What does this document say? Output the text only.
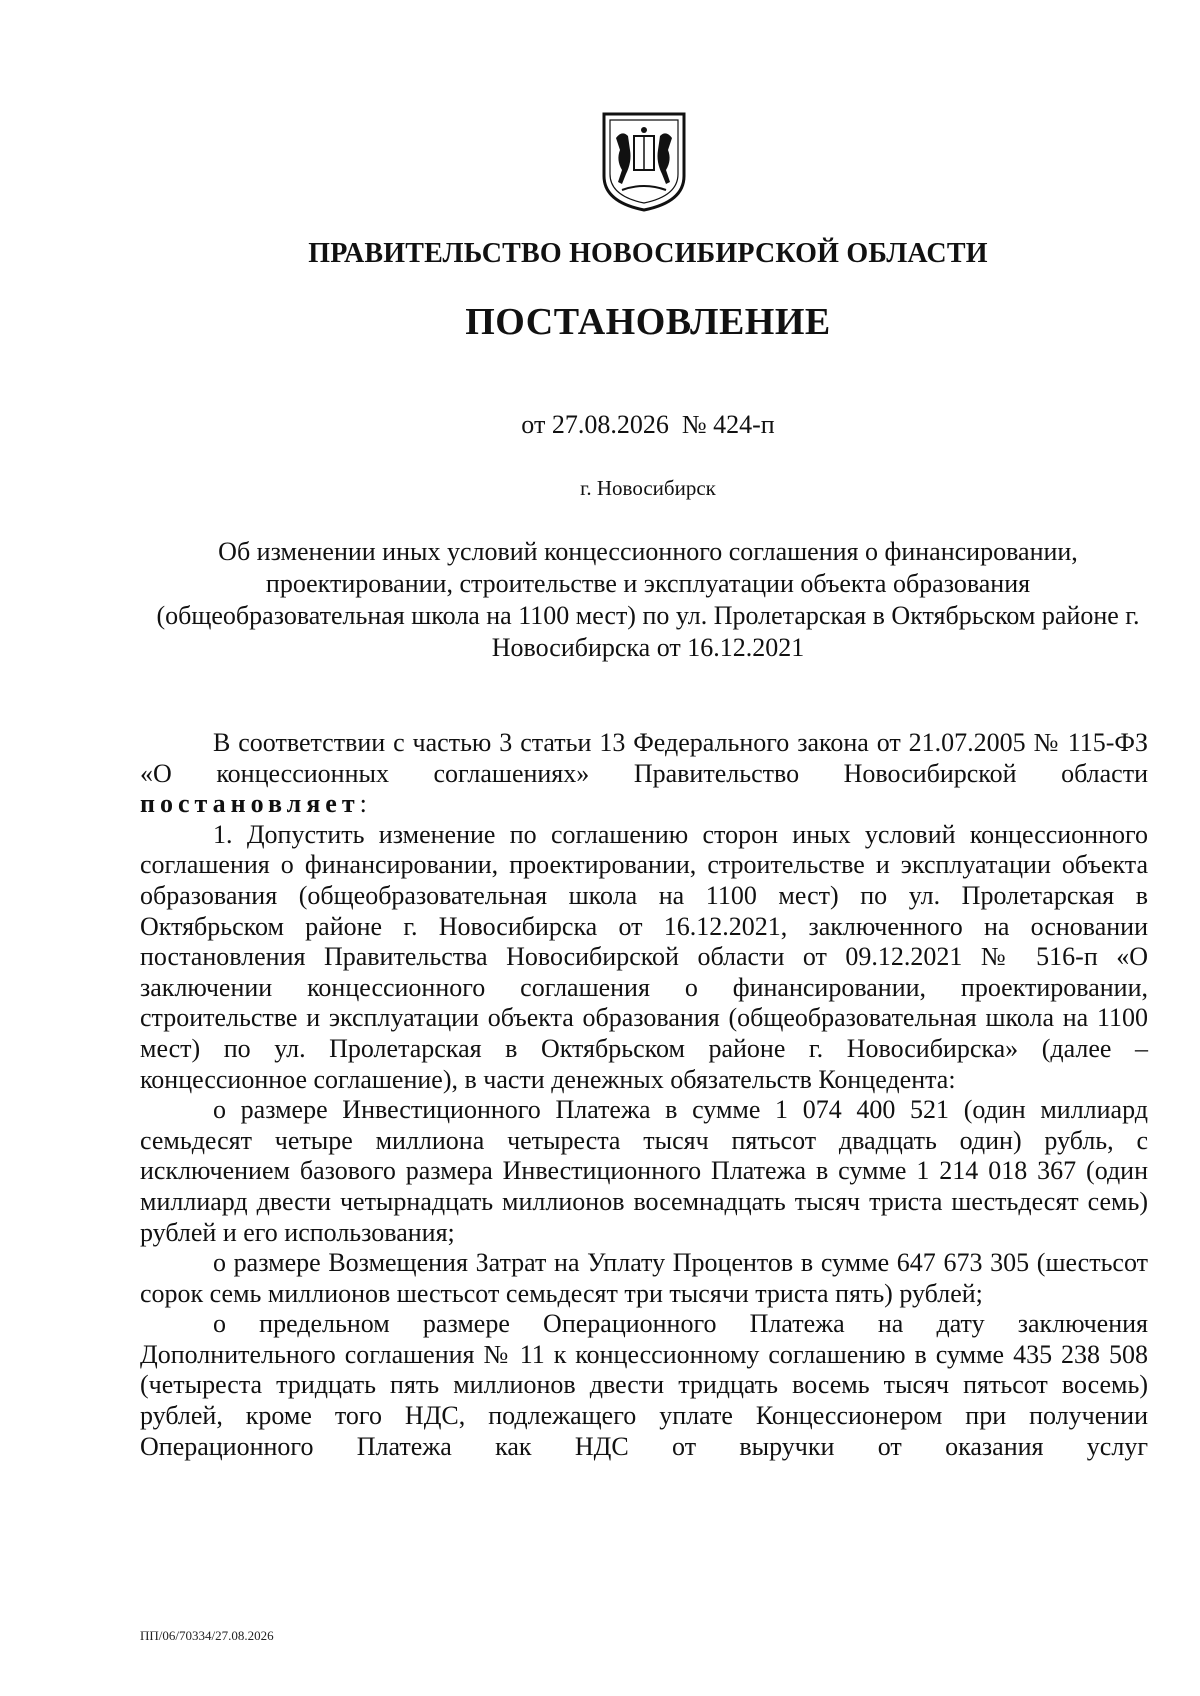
ПРАВИТЕЛЬСТВО НОВОСИБИРСКОЙ ОБЛАСТИ
ПОСТАНОВЛЕНИЕ
от 27.08.2026  № 424-п
г. Новосибирск
Об изменении иных условий концессионного соглашения о финансировании, проектировании, строительстве и эксплуатации объекта образования (общеобразовательная школа на 1100 мест) по ул. Пролетарская в Октябрьском районе г. Новосибирска от 16.12.2021

В соответствии с частью 3 статьи 13 Федерального закона от 21.07.2005 № 115-ФЗ «О концессионных соглашениях» Правительство Новосибирской области постановляет:

1. Допустить изменение по соглашению сторон иных условий концессионного соглашения о финансировании, проектировании, строительстве и эксплуатации объекта образования (общеобразовательная школа на 1100 мест) по ул. Пролетарская в Октябрьском районе г. Новосибирска от 16.12.2021, заключенного на основании постановления Правительства Новосибирской области от 09.12.2021 № 516-п «О заключении концессионного соглашения о финансировании, проектировании, строительстве и эксплуатации объекта образования (общеобразовательная школа на 1100 мест) по ул. Пролетарская в Октябрьском районе г. Новосибирска» (далее – концессионное соглашение), в части денежных обязательств Концедента:

о размере Инвестиционного Платежа в сумме 1 074 400 521 (один миллиард семьдесят четыре миллиона четыреста тысяч пятьсот двадцать один) рубль, с исключением базового размера Инвестиционного Платежа в сумме 1 214 018 367 (один миллиард двести четырнадцать миллионов восемнадцать тысяч триста шестьдесят семь) рублей и его использования;

о размере Возмещения Затрат на Уплату Процентов в сумме 647 673 305 (шестьсот сорок семь миллионов шестьсот семьдесят три тысячи триста пять) рублей;

о предельном размере Операционного Платежа на дату заключения Дополнительного соглашения № 11 к концессионному соглашению в сумме 435 238 508 (четыреста тридцать пять миллионов двести тридцать восемь тысяч пятьсот восемь) рублей, кроме того НДС, подлежащего уплате Концессионером при получении Операционного Платежа как НДС от выручки от оказания услуг

ПП/06/70334/27.08.2026
